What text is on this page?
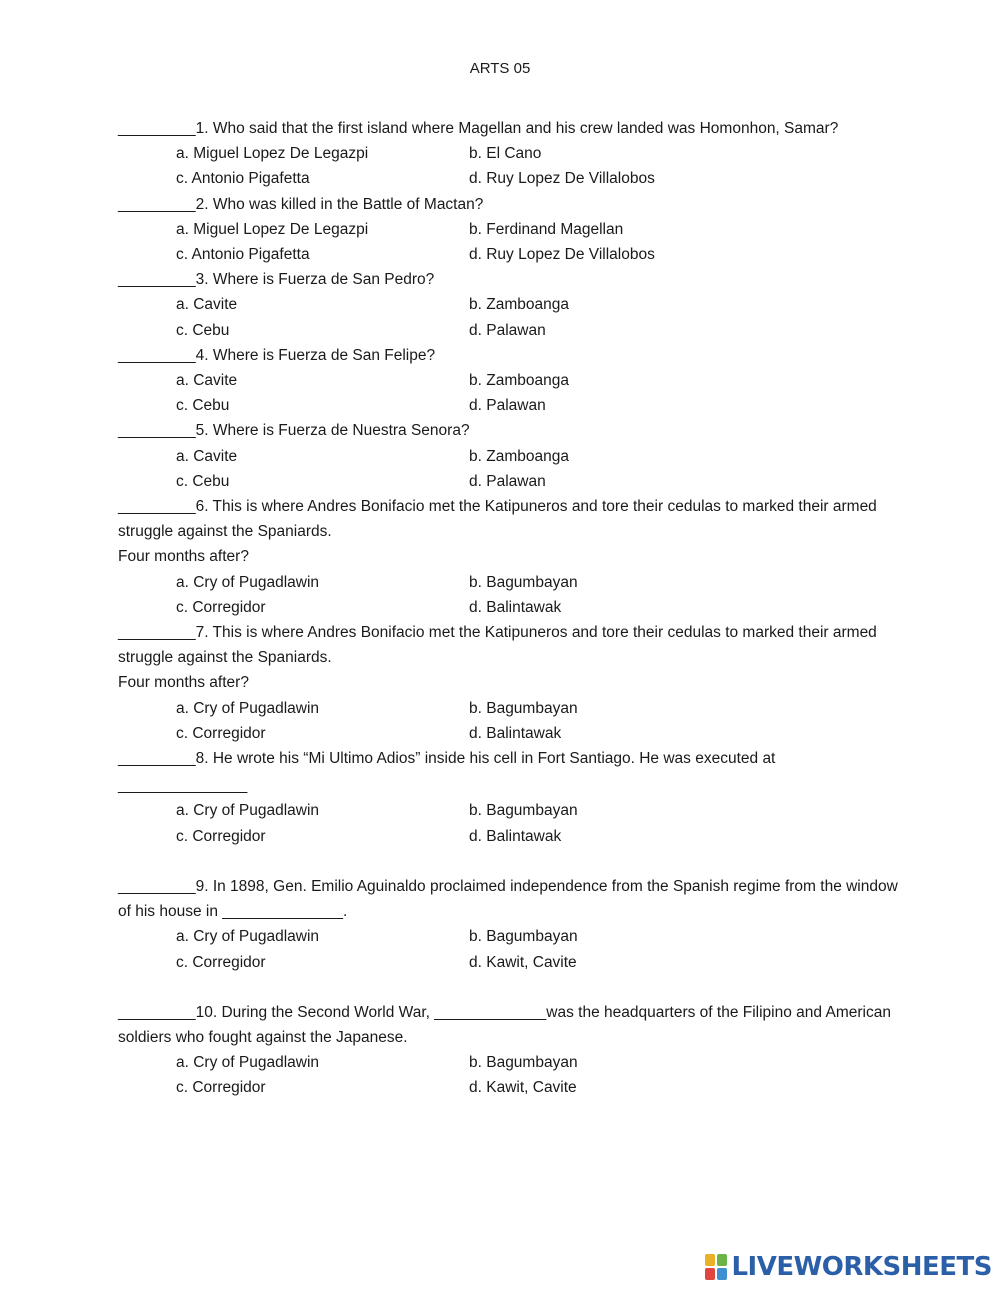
ARTS 05
_________1. Who said that the first island where Magellan and his crew landed was Homonhon, Samar?
a. Miguel Lopez De Legazpi	b. El Cano
c. Antonio Pigafetta	d. Ruy Lopez De Villalobos
_________2. Who was killed in the Battle of Mactan?
a. Miguel Lopez De Legazpi	b. Ferdinand Magellan
c. Antonio Pigafetta	d. Ruy Lopez De Villalobos
_________3. Where is Fuerza de San Pedro?
a. Cavite	b. Zamboanga
c. Cebu	d. Palawan
_________4. Where is Fuerza de San Felipe?
a. Cavite	b. Zamboanga
c. Cebu	d. Palawan
_________5. Where is Fuerza de Nuestra Senora?
a. Cavite	b. Zamboanga
c. Cebu	d. Palawan
_________6. This is where Andres Bonifacio met the Katipuneros and tore their cedulas to marked their armed struggle against the Spaniards.
Four months after?
a. Cry of Pugadlawin	b. Bagumbayan
c. Corregidor	d. Balintawak
_________7. This is where Andres Bonifacio met the Katipuneros and tore their cedulas to marked their armed struggle against the Spaniards.
Four months after?
a. Cry of Pugadlawin	b. Bagumbayan
c. Corregidor	d. Balintawak
_________8. He wrote his “Mi Ultimo Adios” inside his cell in Fort Santiago. He was executed at
_______________
a. Cry of Pugadlawin	b. Bagumbayan
c. Corregidor	d. Balintawak
_________9. In 1898, Gen. Emilio Aguinaldo proclaimed independence from the Spanish regime from the window of his house in ______________.
a. Cry of Pugadlawin	b. Bagumbayan
c. Corregidor	d. Kawit, Cavite
_________10. During the Second World War, _____________was the headquarters of the Filipino and American soldiers who fought against the Japanese.
a. Cry of Pugadlawin	b. Bagumbayan
c. Corregidor	d. Kawit, Cavite
LIVEWORKSHEETS
